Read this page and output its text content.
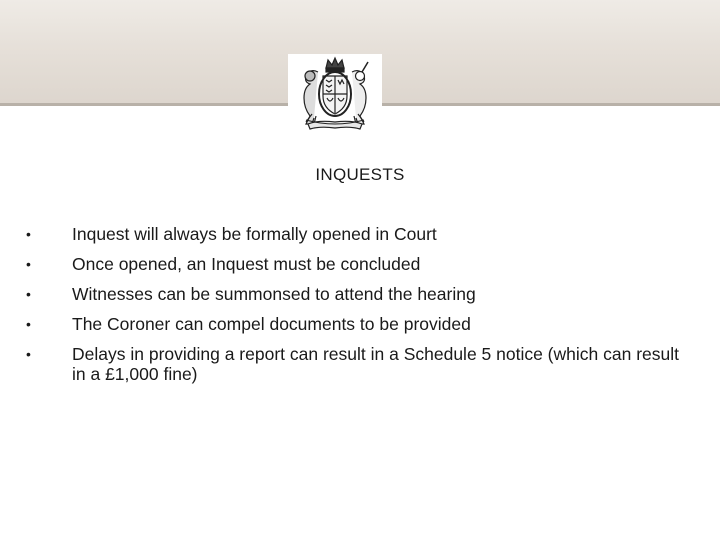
INQUESTS
• Inquest will always be formally opened in Court
• Once opened, an Inquest must be concluded
• Witnesses can be summonsed to attend the hearing
• The Coroner can compel documents to be provided
• Delays in providing a report can result in a Schedule 5 notice (which can result in a £1,000 fine)
